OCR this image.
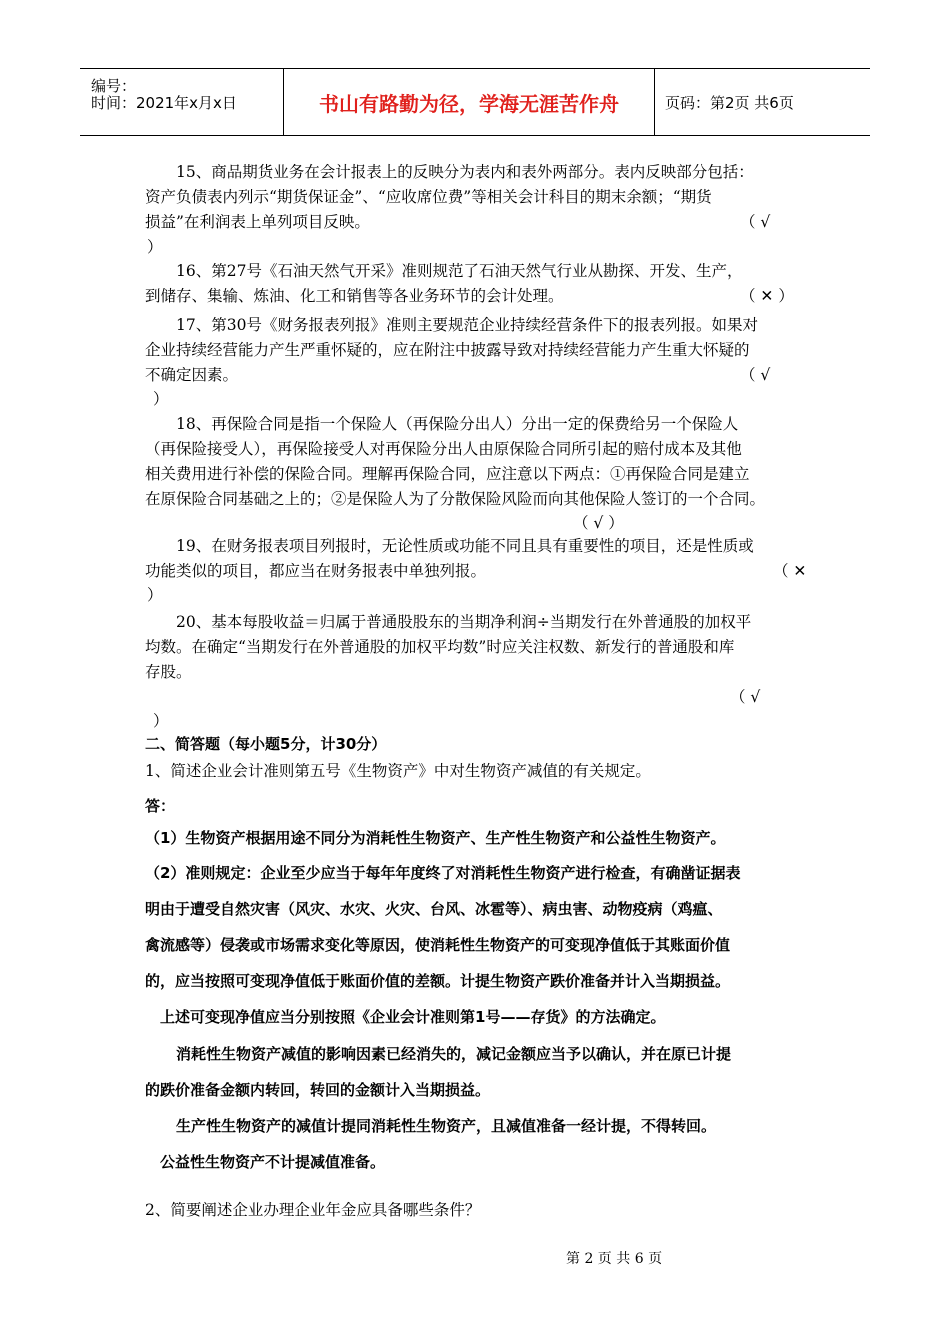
编号：
时间：2021年x月x日	书山有路勤为径，学海无涯苦作舟	页码：第2页 共6页
15、商品期货业务在会计报表上的反映分为表内和表外两部分。表内反映部分包括：
资产负债表内列示“期货保证金”、“应收席位费”等相关会计科目的期末余额；“期货
损益”在利润表上单列项目反映。	（ √
）
16、第27号《石油天然气开采》准则规范了石油天然气行业从勘探、开发、生产，
到储存、集输、炼油、化工和销售等各业务环节的会计处理。	（ ✕ ）
17、第30号《财务报表列报》准则主要规范企业持续经营条件下的报表列报。如果对
企业持续经营能力产生严重怀疑的，应在附注中披露导致对持续经营能力产生重大怀疑的
不确定因素。	（ √
）
18、再保险合同是指一个保险人（再保险分出人）分出一定的保费给另一个保险人
（再保险接受人），再保险接受人对再保险分出人由原保险合同所引起的赔付成本及其他
相关费用进行补偿的保险合同。理解再保险合同，应注意以下两点：①再保险合同是建立
在原保险合同基础之上的；②是保险人为了分散保险风险而向其他保险人签订的一个合同。
（ √ ）
19、在财务报表项目列报时，无论性质或功能不同且具有重要性的项目，还是性质或
功能类似的项目，都应当在财务报表中单独列报。	（ ✕
）
20、基本每股收益＝归属于普通股股东的当期净利润÷当期发行在外普通股的加权平
均数。在确定“当期发行在外普通股的加权平均数”时应关注权数、新发行的普通股和库
存股。
（ √
）
二、简答题（每小题5分，计30分）
1、简述企业会计准则第五号《生物资产》中对生物资产减值的有关规定。
答：
（1）生物资产根据用途不同分为消耗性生物资产、生产性生物资产和公益性生物资产。
（2）准则规定：企业至少应当于每年年度终了对消耗性生物资产进行检查，有确凿证据表
明由于遭受自然灾害（风灾、水灾、火灾、台风、冰雹等）、病虫害、动物疫病（鸡瘟、
禽流感等）侵袭或市场需求变化等原因，使消耗性生物资产的可变现净值低于其账面价值
的，应当按照可变现净值低于账面价值的差额。计提生物资产跌价准备并计入当期损益。
上述可变现净值应当分别按照《企业会计准则第1号——存货》的方法确定。
消耗性生物资产减值的影响因素已经消失的，减记金额应当予以确认，并在原已计提
的跌价准备金额内转回，转回的金额计入当期损益。
生产性生物资产的减值计提同消耗性生物资产，且减值准备一经计提，不得转回。
公益性生物资产不计提减值准备。
2、简要阐述企业办理企业年金应具备哪些条件？
第 2 页 共 6 页
